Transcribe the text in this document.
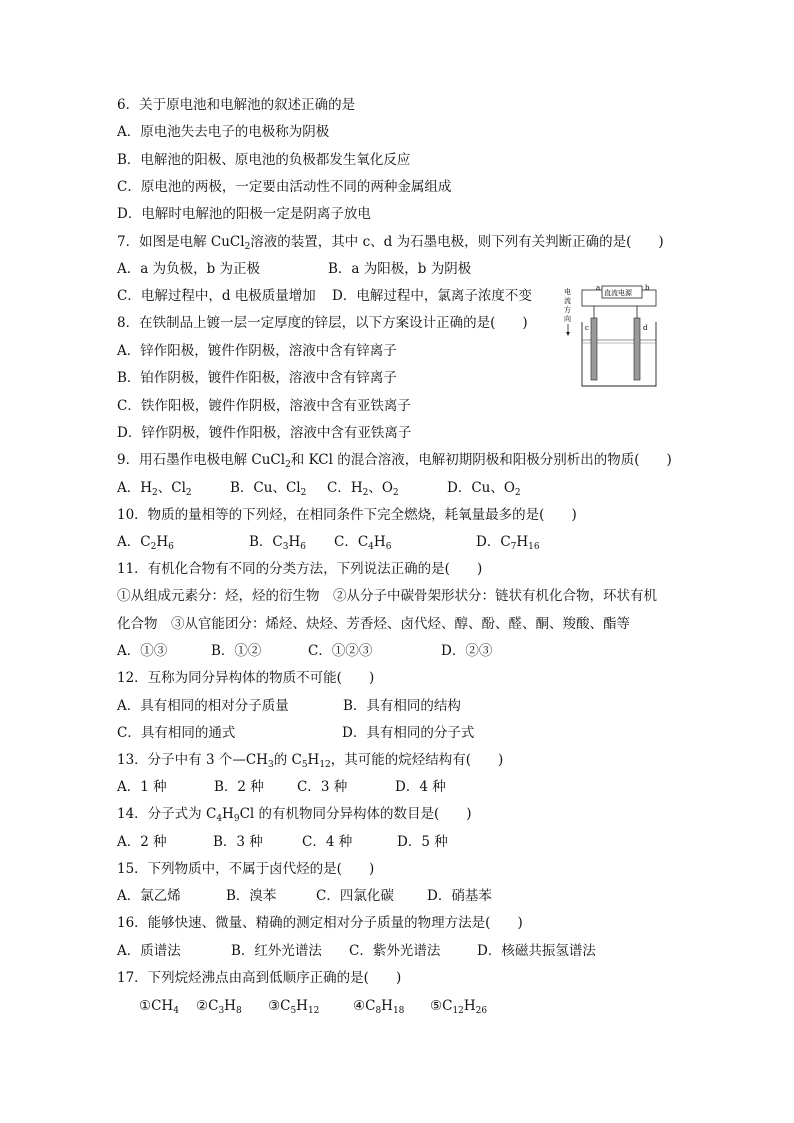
6．关于原电池和电解池的叙述正确的是
A．原电池失去电子的电极称为阴极
B．电解池的阳极、原电池的负极都发生氧化反应
C．原电池的两极，一定要由活动性不同的两种金属组成
D．电解时电解池的阳极一定是阴离子放电
7．如图是电解 CuCl$_2$溶液的装置，其中 c、d 为石墨电极，则下列有关判断正确的是(　　)
A．a 为负极，b 为正极	B．a 为阳极，b 为阴极
C．电解过程中，d 电极质量增加 D．电解过程中，氯离子浓度不变	电
流
方
向
直流电源
a	b
c	d
8．在铁制品上镀一层一定厚度的锌层，以下方案设计正确的是(　　)
A．锌作阳极，镀件作阴极，溶液中含有锌离子
B．铂作阴极，镀件作阳极，溶液中含有锌离子
C．铁作阳极，镀件作阴极，溶液中含有亚铁离子
D．锌作阴极，镀件作阳极，溶液中含有亚铁离子
9．用石墨作电极电解 CuCl$_2$和 KCl 的混合溶液，电解初期阴极和阳极分别析出的物质(　　)
A．$H_2$、$Cl_2$	B．Cu、$Cl_2$ C．$H_2$、$O_2$	D．Cu、$O_2$
10．物质的量相等的下列烃，在相同条件下完全燃烧，耗氧量最多的是(　　)
A．$C_2H_6$	B．$C_3H_6$ C．$C_4H_6$	D．$C_7H_{16}$
11．有机化合物有不同的分类方法，下列说法正确的是(　　)
①从组成元素分：烃，烃的衍生物　②从分子中碳骨架形状分：链状有机化合物，环状有机
化合物　③从官能团分：烯烃、炔烃、芳香烃、卤代烃、醇、酚、醛、酮、羧酸、酯等
A．①③	B．①②	C．①②③	D．②③
12．互称为同分异构体的物质不可能(　　)
A．具有相同的相对分子质量	B．具有相同的结构
C．具有相同的通式	D．具有相同的分子式
13．分子中有 3 个$—CH_3$的 $C_5H_{12}$，其可能的烷烃结构有(　　)
A．1 种	B．2 种 C．3 种	D．4 种
14．分子式为 $C_4H_9Cl$ 的有机物同分异构体的数目是(　　)
A．2 种	B．3 种	C．4 种	D．5 种
15．下列物质中，不属于卤代烃的是(　　)
A．氯乙烯	B．溴苯	C．四氯化碳 D．硝基苯
16．能够快速、微量、精确的测定相对分子质量的物理方法是(　　)
A．质谱法	B．红外光谱法 C．紫外光谱法	D．核磁共振氢谱法
17．下列烷烃沸点由高到低顺序正确的是(　　)
$①CH_4$ $②C_3H_8$ $③C_5H_{12}$ $④C_8H_{18}$ $⑤C_{12}H_{26}$
